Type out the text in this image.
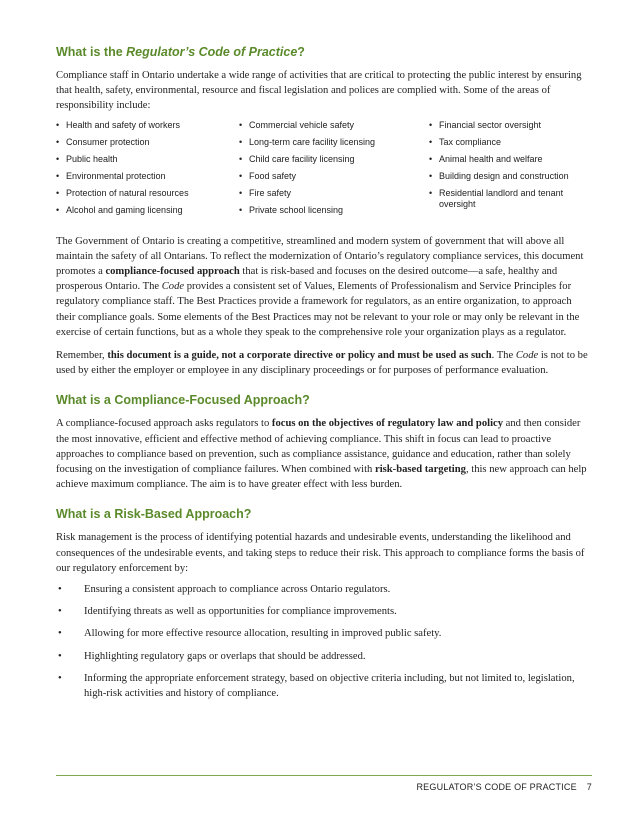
What is the Regulator’s Code of Practice?

Compliance staff in Ontario undertake a wide range of activities that are critical to protecting the public interest by ensuring that health, safety, environmental, resource and fiscal legislation and polices are complied with. Some of the areas of responsibility include:

• Health and safety of workers
• Consumer protection
• Public health
• Environmental protection
• Protection of natural resources
• Alcohol and gaming licensing
• Commercial vehicle safety
• Long-term care facility licensing
• Child care facility licensing
• Food safety
• Fire safety
• Private school licensing
• Financial sector oversight
• Tax compliance
• Animal health and welfare
• Building design and construction
• Residential landlord and tenant oversight

The Government of Ontario is creating a competitive, streamlined and modern system of government that will above all maintain the safety of all Ontarians. To reflect the modernization of Ontario’s regulatory compliance services, this document promotes a compliance-focused approach that is risk-based and focuses on the desired outcome—a safe, healthy and prosperous Ontario. The Code provides a consistent set of Values, Elements of Professionalism and Service Principles for regulatory compliance staff. The Best Practices provide a framework for regulators, as an entire organization, to approach their compliance goals. Some elements of the Best Practices may not be relevant to your role or may only be relevant in the exercise of certain functions, but as a whole they speak to the comprehensive role your organization plays as a regulator.

Remember, this document is a guide, not a corporate directive or policy and must be used as such. The Code is not to be used by either the employer or employee in any disciplinary proceedings or for purposes of performance evaluation.

What is a Compliance-Focused Approach?

A compliance-focused approach asks regulators to focus on the objectives of regulatory law and policy and then consider the most innovative, efficient and effective method of achieving compliance. This shift in focus can lead to proactive approaches to compliance based on prevention, such as compliance assistance, guidance and education, rather than solely focusing on the investigation of compliance failures. When combined with risk-based targeting, this new approach can help achieve maximum compliance. The aim is to have greater effect with less burden.

What is a Risk-Based Approach?

Risk management is the process of identifying potential hazards and undesirable events, understanding the likelihood and consequences of the undesirable events, and taking steps to reduce their risk. This approach to compliance forms the basis of our regulatory enforcement by:

• Ensuring a consistent approach to compliance across Ontario regulators.
• Identifying threats as well as opportunities for compliance improvements.
• Allowing for more effective resource allocation, resulting in improved public safety.
• Highlighting regulatory gaps or overlaps that should be addressed.
• Informing the appropriate enforcement strategy, based on objective criteria including, but not limited to, legislation, high-risk activities and history of compliance.
REGULATOR’S CODE OF PRACTICE 7
